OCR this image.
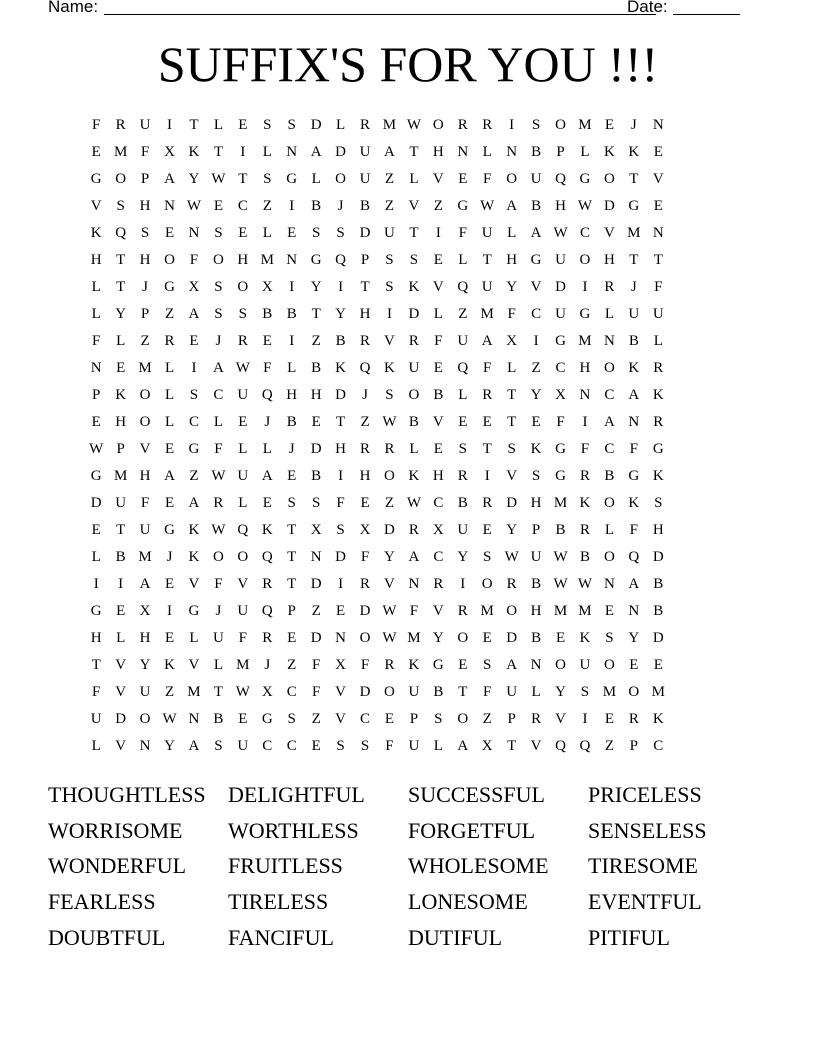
Name:	Date:
SUFFIX'S FOR YOU !!!
F	R U	I	T	L	E	S	S D L R M W O R R	I	S O M E	J	N
E M F X K T	I	L N A D U A T H N L N B	P	L K K E
G O P A Y W T	S G L O U Z	L V E	F O U Q G O T V
V S H N W E C Z	I	B	J	B Z V Z G W A B H W D G E
K Q S	E N S	E	L	E	S	S D U T	I	F U L A W C V M N
H T H O F O H M N G Q P	S	S	E	L	T H G U O H T	T
L	T	J	G X S O X	I	Y	I	T	S K V Q U Y V D	I	R	J	F
L Y P	Z A S	S	B B T Y H	I	D L	Z M F	C U G L U U
F	L	Z R E	J	R E	I	Z B R V R	F U A X	I	G M N B L
N E M L	I	A W F	L B K Q K U E Q F	L	Z C H O K R
P K O L	S	C U Q H H D	J	S O B L R T Y X N C A K
E H O L C L	E	J	B E	T	Z W B V E	E	T	E	F	I	A N R
W P V E G F	L	L	J	D H R R L	E	S	T	S K G F	C	F G
G M H A Z W U A E B	I	H O K H R	I	V S G R B G K
D U F	E A R L	E	S	S	F	E	Z W C B R D H M K O K S
E	T U G K W Q K T X S X D R X U E Y P	B R L	F H
L B M J	K O O Q T N D F Y A C Y S W U W B O Q D
I	I	A E V F V R T D	I	R V N R	I	O R B W W N A B
G E X	I	G	J	U Q P	Z	E D W F V R M O H M M E N B
H L H E	L U F	R E D N O W M Y O E D B E K S Y D
T V Y K V L M J	Z	F X F	R K G E	S A N O U O E	E
F V U Z M T W X C	F V D O U B T	F U L Y S M O M
U D O W N B E G S	Z V C E	P	S O Z	P	R V	I	E R K
L V N Y A S U C C E	S	S	F U L A X T V Q Q Z	P	C
THOUGHTLESS	DELIGHTFUL	SUCCESSFUL	PRICELESS
WORRISOME	WORTHLESS	FORGETFUL	SENSELESS
WONDERFUL	FRUITLESS	WHOLESOME	TIRESOME
FEARLESS	TIRELESS	LONESOME	EVENTFUL
DOUBTFUL	FANCIFUL	DUTIFUL	PITIFUL
